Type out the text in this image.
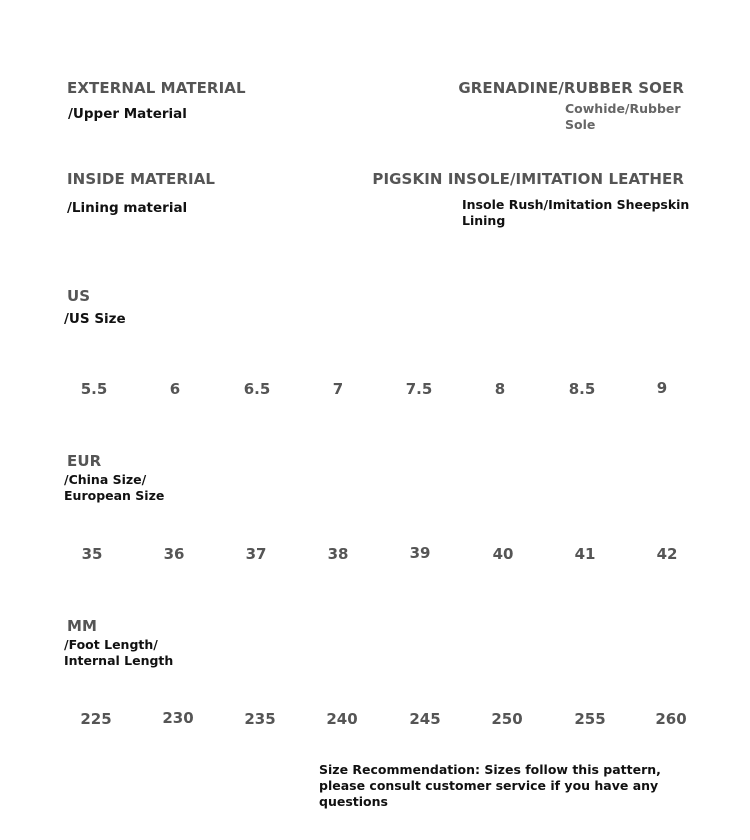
EXTERNAL MATERIAL
/Upper Material
GRENADINE/RUBBER SOER
Cowhide/Rubber Sole
INSIDE MATERIAL
/Lining material
PIGSKIN INSOLE/IMITATION LEATHER
Insole Rush/Imitation Sheepskin Lining
US
/US Size
5.5	6	6.5	7	7.5	8	8.5	9
EUR
/China Size/ European Size
35	36	37	38	39	40	41	42
MM
/Foot Length/ Internal Length
225	230	235	240	245	250	255	260
Size Recommendation: Sizes follow this pattern, please consult customer service if you have any questions
